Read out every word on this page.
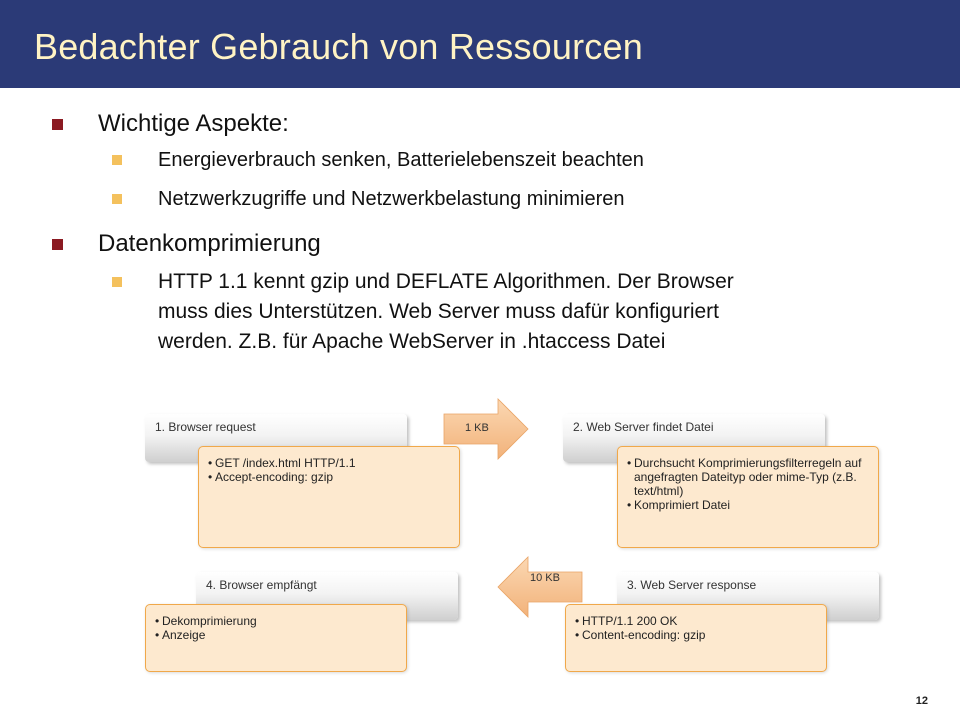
Bedachter Gebrauch von Ressourcen
Wichtige Aspekte:
Energieverbrauch senken, Batterielebenszeit beachten
Netzwerkzugriffe und Netzwerkbelastung minimieren
Datenkomprimierung
HTTP 1.1 kennt gzip und DEFLATE Algorithmen. Der Browser
muss dies Unterstützen. Web Server muss dafür konfiguriert
werden. Z.B. für Apache WebServer in .htaccess Datei
1 KB
10 KB
1. Browser request
• GET /index.html HTTP/1.1
• Accept-encoding: gzip
2. Web Server findet Datei
• Durchsucht Komprimierungsfilterregeln auf angefragten Dateityp oder mime-Typ (z.B. text/html)
• Komprimiert Datei
4. Browser empfängt
• Dekomprimierung
• Anzeige
3. Web Server response
• HTTP/1.1 200 OK
• Content-encoding: gzip
12
